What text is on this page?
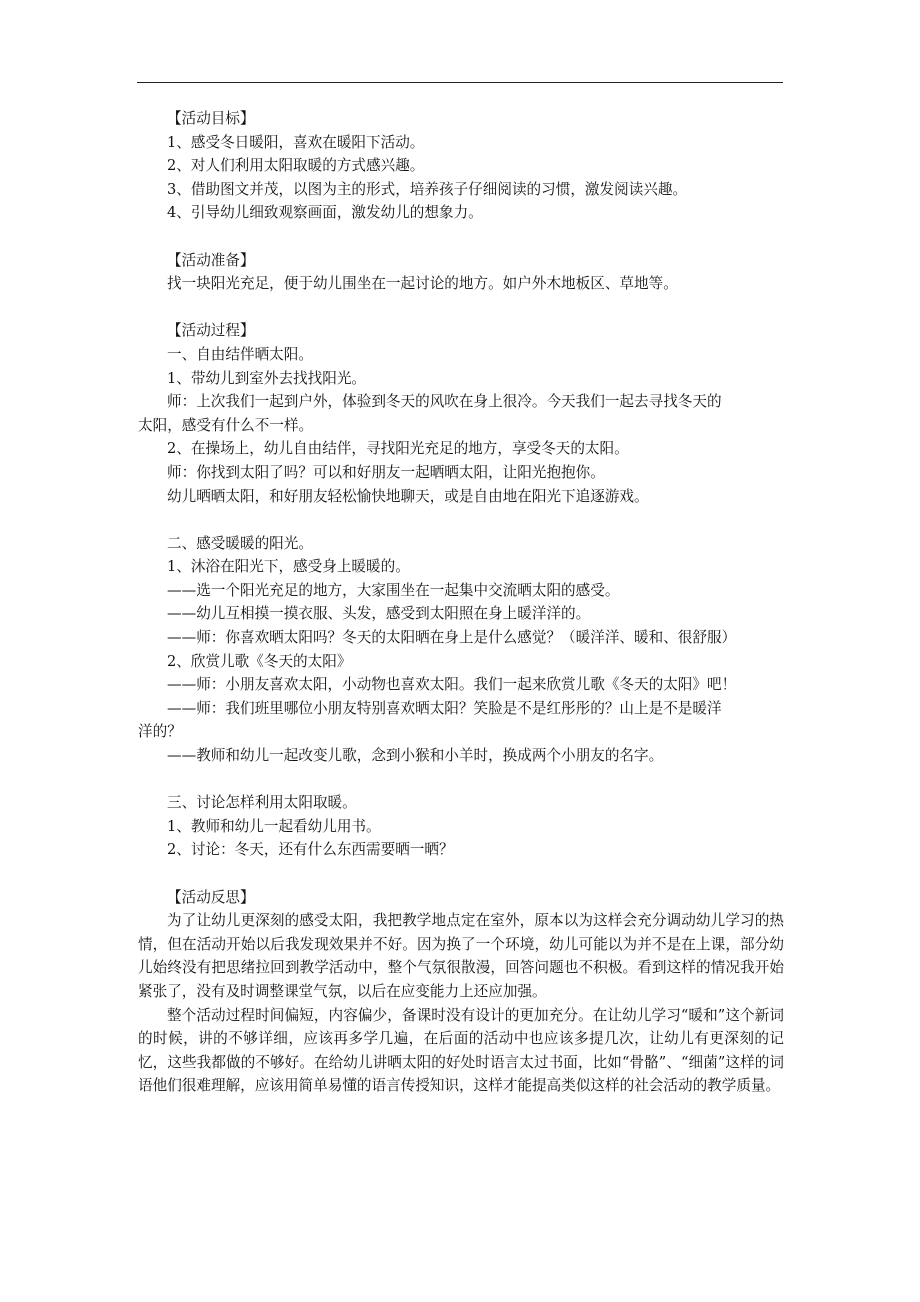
【活动目标】
1、感受冬日暖阳，喜欢在暖阳下活动。
2、对人们利用太阳取暖的方式感兴趣。
3、借助图文并茂，以图为主的形式，培养孩子仔细阅读的习惯，激发阅读兴趣。
4、引导幼儿细致观察画面，激发幼儿的想象力。
【活动准备】
找一块阳光充足，便于幼儿围坐在一起讨论的地方。如户外木地板区、草地等。
【活动过程】
一、自由结伴晒太阳。
1、带幼儿到室外去找找阳光。
师：上次我们一起到户外，体验到冬天的风吹在身上很冷。今天我们一起去寻找冬天的
太阳，感受有什么不一样。
2、在操场上，幼儿自由结伴，寻找阳光充足的地方，享受冬天的太阳。
师：你找到太阳了吗？可以和好朋友一起晒晒太阳，让阳光抱抱你。
幼儿晒晒太阳，和好朋友轻松愉快地聊天，或是自由地在阳光下追逐游戏。
二、感受暖暖的阳光。
1、沐浴在阳光下，感受身上暖暖的。
——选一个阳光充足的地方，大家围坐在一起集中交流晒太阳的感受。
——幼儿互相摸一摸衣服、头发，感受到太阳照在身上暖洋洋的。
——师：你喜欢晒太阳吗？冬天的太阳晒在身上是什么感觉？（暖洋洋、暖和、很舒服）
2、欣赏儿歌《冬天的太阳》
——师：小朋友喜欢太阳，小动物也喜欢太阳。我们一起来欣赏儿歌《冬天的太阳》吧！
——师：我们班里哪位小朋友特别喜欢晒太阳？笑脸是不是红彤彤的？山上是不是暖洋
洋的？
——教师和幼儿一起改变儿歌，念到小猴和小羊时，换成两个小朋友的名字。
三、讨论怎样利用太阳取暖。
1、教师和幼儿一起看幼儿用书。
2、讨论：冬天，还有什么东西需要晒一晒？
【活动反思】
为了让幼儿更深刻的感受太阳，我把教学地点定在室外，原本以为这样会充分调动幼儿学习的热情，但在活动开始以后我发现效果并不好。因为换了一个环境，幼儿可能以为并不是在上课，部分幼儿始终没有把思绪拉回到教学活动中，整个气氛很散漫，回答问题也不积极。看到这样的情况我开始紧张了，没有及时调整课堂气氛，以后在应变能力上还应加强。
整个活动过程时间偏短，内容偏少，备课时没有设计的更加充分。在让幼儿学习“暖和”这个新词的时候，讲的不够详细，应该再多学几遍，在后面的活动中也应该多提几次，让幼儿有更深刻的记忆，这些我都做的不够好。在给幼儿讲晒太阳的好处时语言太过书面，比如“骨骼”、“细菌”这样的词语他们很难理解，应该用简单易懂的语言传授知识，这样才能提高类似这样的社会活动的教学质量。
